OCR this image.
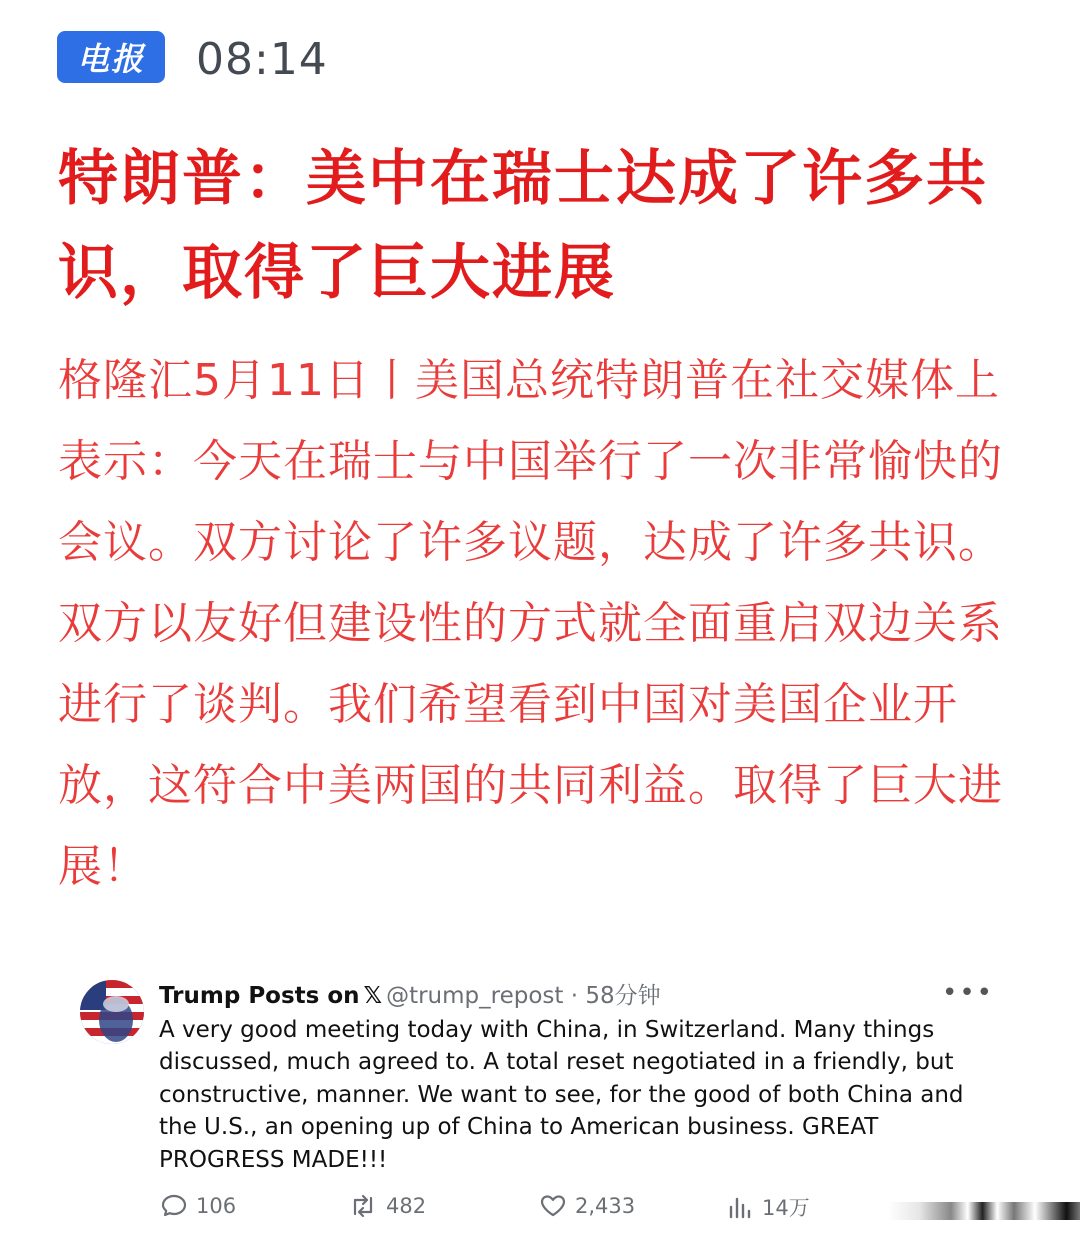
电报	08:14
特朗普：美中在瑞士达成了许多共识，取得了巨大进展

格隆汇5月11日丨美国总统特朗普在社交媒体上表示：今天在瑞士与中国举行了一次非常愉快的会议。双方讨论了许多议题，达成了许多共识。双方以友好但建设性的方式就全面重启双边关系进行了谈判。我们希望看到中国对美国企业开放，这符合中美两国的共同利益。取得了巨大进展！

Trump Posts on 𝕏 @trump_repost · 58分钟
A very good meeting today with China, in Switzerland. Many things discussed, much agreed to. A total reset negotiated in a friendly, but constructive, manner. We want to see, for the good of both China and the U.S., an opening up of China to American business. GREAT PROGRESS MADE!!!
•••
106	482	2,433	14万
